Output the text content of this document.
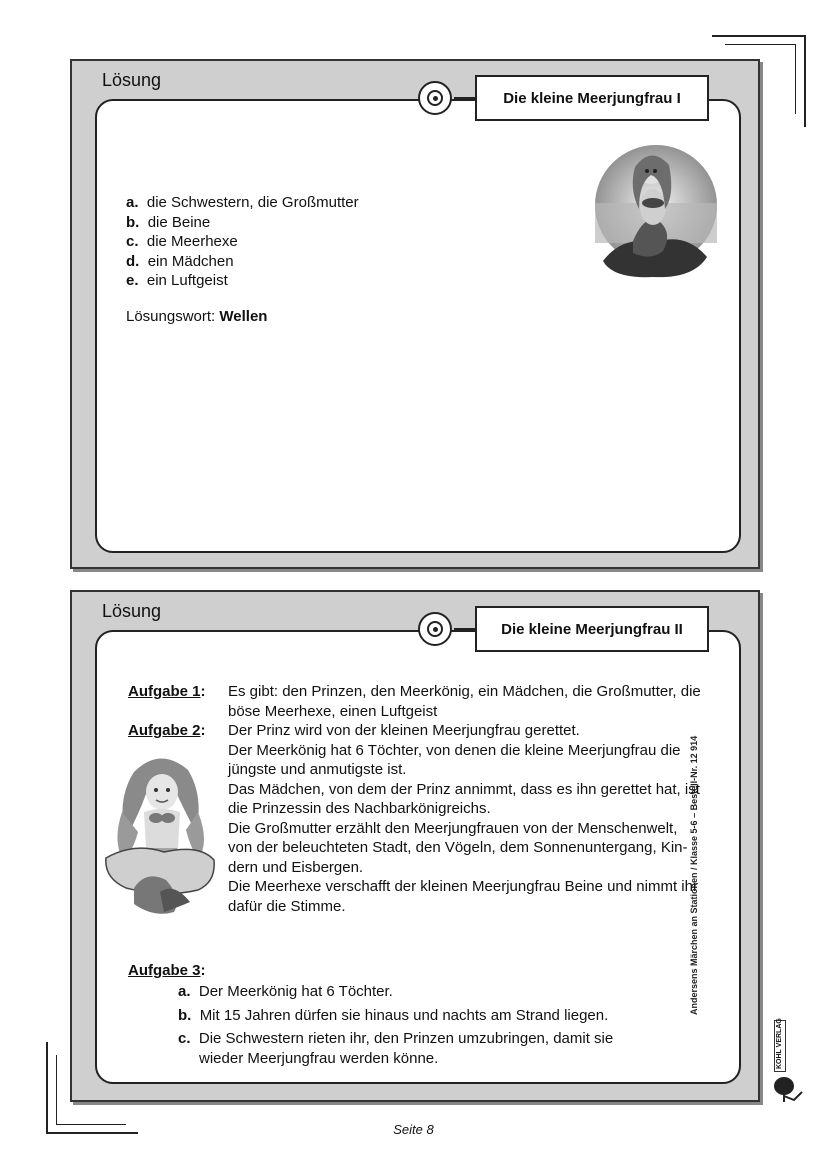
Lösung
a. die Schwestern, die Großmutter
b. die Beine
c. die Meerhexe
d. ein Mädchen
e. ein Luftgeist
Lösungswort: Wellen
Die kleine Meerjungfrau I
Lösung
Aufgabe 1: Es gibt: den Prinzen, den Meerkönig, ein Mädchen, die Großmutter, die
böse Meerhexe, einen Luftgeist
Aufgabe 2: Der Prinz wird von der kleinen Meerjungfrau gerettet.
Der Meerkönig hat 6 Töchter, von denen die kleine Meerjungfrau die
jüngste und anmutigste ist.
Das Mädchen, von dem der Prinz annimmt, dass es ihn gerettet hat, ist
die Prinzessin des Nachbarkönigreichs.
Die Großmutter erzählt den Meerjungfrauen von der Menschenwelt,
von der beleuchteten Stadt, den Vögeln, dem Sonnenuntergang, Kin-
dern und Eisbergen.
Die Meerhexe verschafft der kleinen Meerjungfrau Beine und nimmt ihr
dafür die Stimme.
Aufgabe 3:
a. Der Meerkönig hat 6 Töchter.
b. Mit 15 Jahren dürfen sie hinaus und nachts am Strand liegen.
c. Die Schwestern rieten ihr, den Prinzen umzubringen, damit sie
wieder Meerjungfrau werden könne.
Die kleine Meerjungfrau II
Andersens Märchen an Stationen / Klasse 5-6 – Bestell-Nr. 12 914
KOHL VERLAG
Seite 8
